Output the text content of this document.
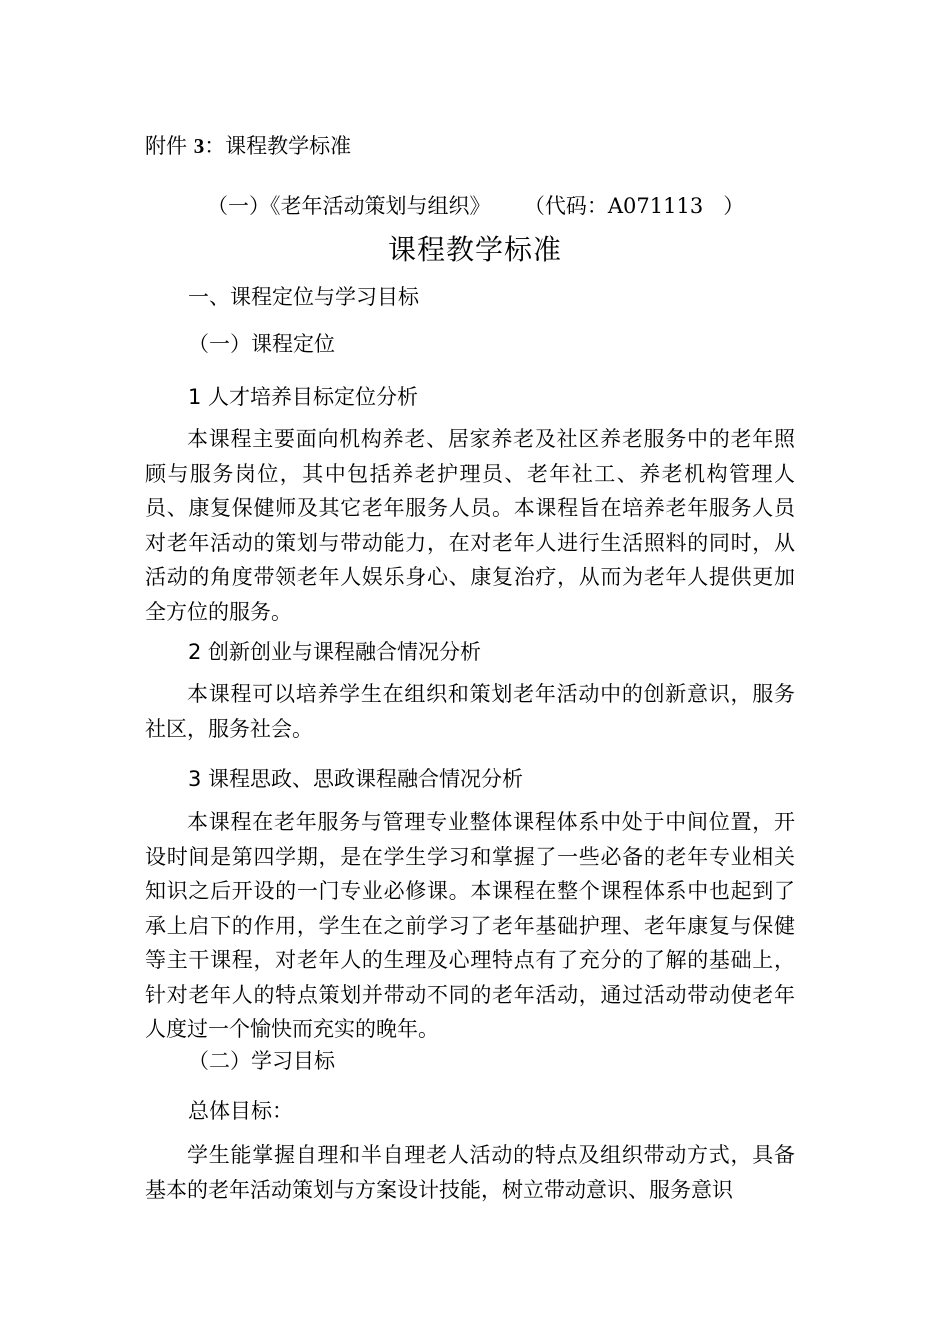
附件 3：课程教学标准
（一）《老年活动策划与组织》     （代码：A071113   ）
课程教学标准
一、课程定位与学习目标
（一）课程定位
1 人才培养目标定位分析

本课程主要面向机构养老、居家养老及社区养老服务中的老年照顾与服务岗位，其中包括养老护理员、老年社工、养老机构管理人员、康复保健师及其它老年服务人员。本课程旨在培养老年服务人员对老年活动的策划与带动能力，在对老年人进行生活照料的同时，从活动的角度带领老年人娱乐身心、康复治疗，从而为老年人提供更加全方位的服务。

2 创新创业与课程融合情况分析

本课程可以培养学生在组织和策划老年活动中的创新意识，服务社区，服务社会。

3 课程思政、思政课程融合情况分析

本课程在老年服务与管理专业整体课程体系中处于中间位置，开设时间是第四学期，是在学生学习和掌握了一些必备的老年专业相关知识之后开设的一门专业必修课。本课程在整个课程体系中也起到了承上启下的作用，学生在之前学习了老年基础护理、老年康复与保健等主干课程，对老年人的生理及心理特点有了充分的了解的基础上，针对老年人的特点策划并带动不同的老年活动，通过活动带动使老年人度过一个愉快而充实的晚年。

（二）学习目标
总体目标：

学生能掌握自理和半自理老人活动的特点及组织带动方式，具备基本的老年活动策划与方案设计技能，树立带动意识、服务意识
